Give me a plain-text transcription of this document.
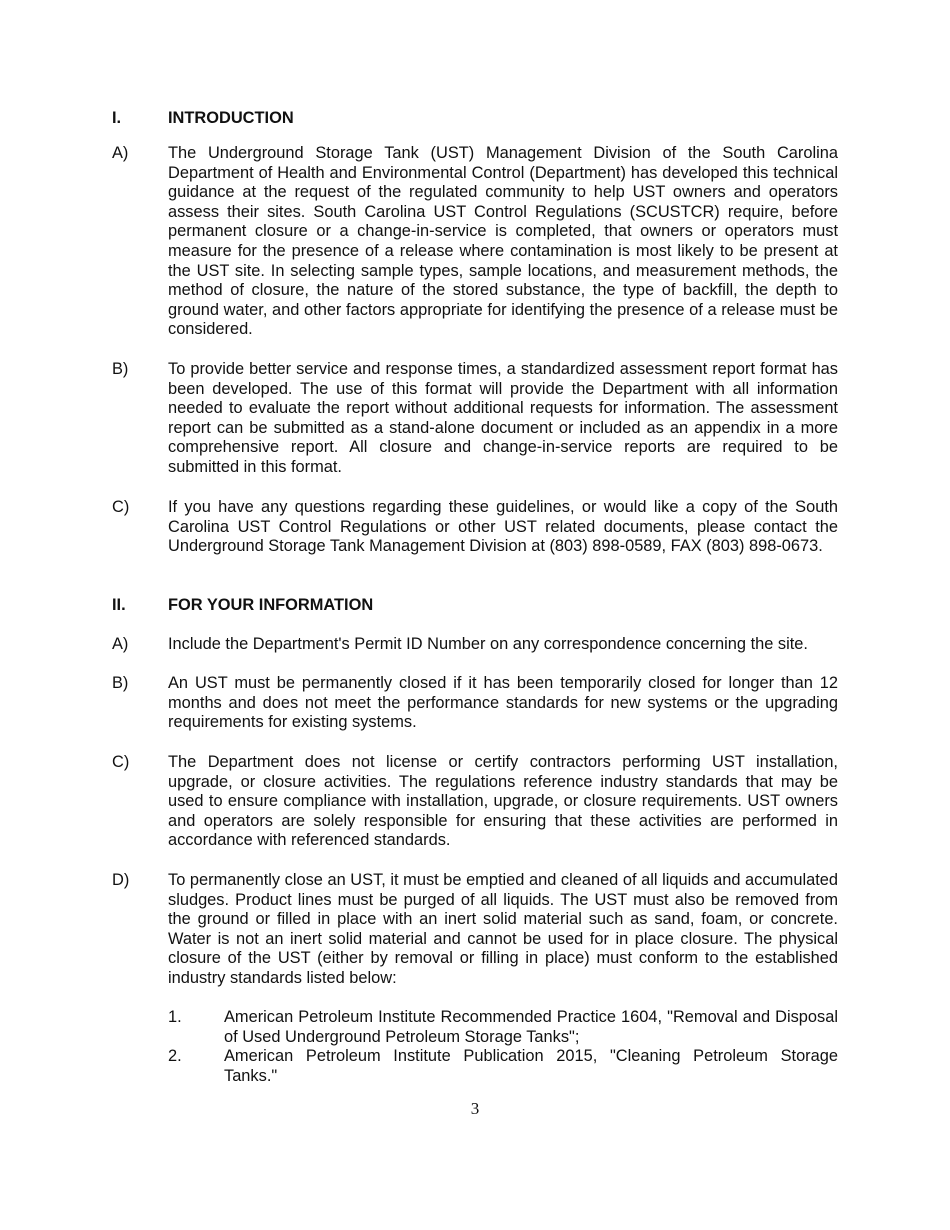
I.	INTRODUCTION
A)	The Underground Storage Tank (UST) Management Division of the South Carolina Department of Health and Environmental Control (Department) has developed this technical guidance at the request of the regulated community to help UST owners and operators assess their sites. South Carolina UST Control Regulations (SCUSTCR) require, before permanent closure or a change-in-service is completed, that owners or operators must measure for the presence of a release where contamination is most likely to be present at the UST site. In selecting sample types, sample locations, and measurement methods, the method of closure, the nature of the stored substance, the type of backfill, the depth to ground water, and other factors appropriate for identifying the presence of a release must be considered.
B)	To provide better service and response times, a standardized assessment report format has been developed. The use of this format will provide the Department with all information needed to evaluate the report without additional requests for information. The assessment report can be submitted as a stand-alone document or included as an appendix in a more comprehensive report. All closure and change-in-service reports are required to be submitted in this format.
C)	If you have any questions regarding these guidelines, or would like a copy of the South Carolina UST Control Regulations or other UST related documents, please contact the Underground Storage Tank Management Division at (803) 898-0589, FAX (803) 898-0673.
II.	FOR YOUR INFORMATION
A)	Include the Department's Permit ID Number on any correspondence concerning the site.
B)	An UST must be permanently closed if it has been temporarily closed for longer than 12 months and does not meet the performance standards for new systems or the upgrading requirements for existing systems.
C)	The Department does not license or certify contractors performing UST installation, upgrade, or closure activities. The regulations reference industry standards that may be used to ensure compliance with installation, upgrade, or closure requirements. UST owners and operators are solely responsible for ensuring that these activities are performed in accordance with referenced standards.
D)	To permanently close an UST, it must be emptied and cleaned of all liquids and accumulated sludges. Product lines must be purged of all liquids. The UST must also be removed from the ground or filled in place with an inert solid material such as sand, foam, or concrete. Water is not an inert solid material and cannot be used for in place closure. The physical closure of the UST (either by removal or filling in place) must conform to the established industry standards listed below:
1.	American Petroleum Institute Recommended Practice 1604, "Removal and Disposal of Used Underground Petroleum Storage Tanks";
2.	American Petroleum Institute Publication 2015, "Cleaning Petroleum Storage Tanks."
3
